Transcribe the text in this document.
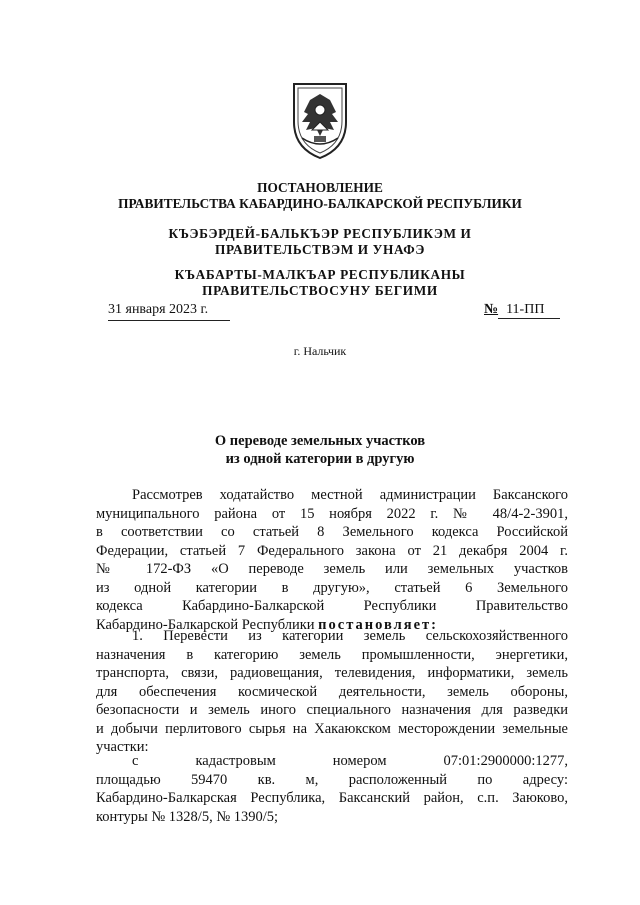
ПОСТАНОВЛЕНИЕ
ПРАВИТЕЛЬСТВА КАБАРДИНО-БАЛКАРСКОЙ РЕСПУБЛИКИ
КЪЭБЭРДЕЙ-БАЛЬКЪЭР РЕСПУБЛИКЭМ И ПРАВИТЕЛЬСТВЭМ И УНАФЭ
КЪАБАРТЫ-МАЛКЪАР РЕСПУБЛИКАНЫ ПРАВИТЕЛЬСТВОСУНУ БЕГИМИ
31 января 2023 г.	№ 11-ПП
г. Нальчик
О переводе земельных участков
из одной категории в другую

Рассмотрев ходатайство местной администрации Баксанского

муниципального района от 15 ноября 2022 г. № 48/4-2-3901,

в соответствии со статьей 8 Земельного кодекса Российской

Федерации, статьей 7 Федерального закона от 21 декабря 2004 г.

№ 172-ФЗ «О переводе земель или земельных участков

из одной категории в другую», статьей 6 Земельного

кодекса Кабардино-Балкарской Республики Правительство

Кабардино-Балкарской Республики постановляет:

1. Перевести из категории земель сельскохозяйственного

назначения в категорию земель промышленности, энергетики,

транспорта, связи, радиовещания, телевидения, информатики, земель

для обеспечения космической деятельности, земель обороны,

безопасности и земель иного специального назначения для разведки

и добычи перлитового сырья на Хакаюкском месторождении земельные

участки:

с кадастровым номером 07:01:2900000:1277,

площадью 59470 кв. м, расположенный по адресу:

Кабардино-Балкарская Республика, Баксанский район, с.п. Заюково,

контуры № 1328/5, № 1390/5;
